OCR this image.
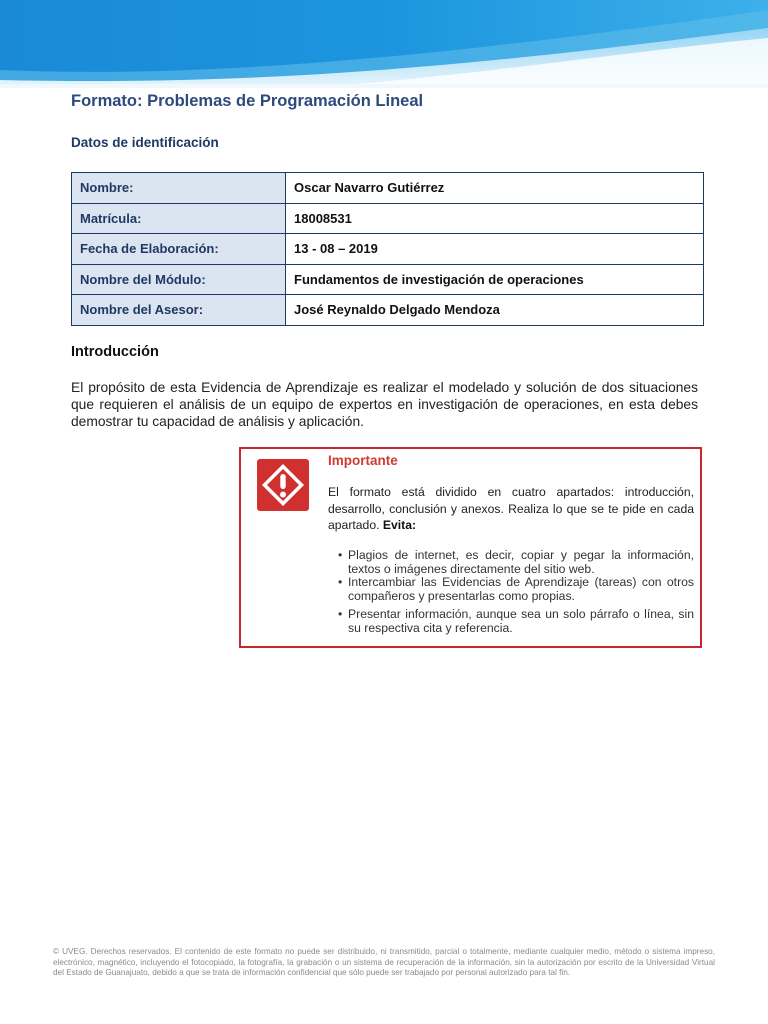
Formato: Problemas de Programación Lineal
Datos de identificación
Nombre:	Oscar Navarro Gutiérrez
Matrícula:	18008531
Fecha de Elaboración:	13 - 08 – 2019
Nombre del Módulo:	Fundamentos de investigación de operaciones
Nombre del Asesor:	José Reynaldo Delgado Mendoza
Introducción

El propósito de esta Evidencia de Aprendizaje es realizar el modelado y solución de dos situaciones que requieren el análisis de un equipo de expertos en investigación de operaciones, en esta debes demostrar tu capacidad de análisis y aplicación.

Importante

El formato está dividido en cuatro apartados: introducción, desarrollo, conclusión y anexos. Realiza lo que se te pide en cada apartado. Evita:

• Plagios de internet, es decir, copiar y pegar la información, textos o imágenes directamente del sitio web.
• Intercambiar las Evidencias de Aprendizaje (tareas) con otros compañeros y presentarlas como propias.
• Presentar información, aunque sea un solo párrafo o línea, sin su respectiva cita y referencia.

© UVEG. Derechos reservados. El contenido de este formato no puede ser distribuido, ni transmitido, parcial o totalmente, mediante cualquier medio, método o sistema impreso, electrónico, magnético, incluyendo el fotocopiado, la fotografía, la grabación o un sistema de recuperación de la información, sin la autorización por escrito de la Universidad Virtual del Estado de Guanajuato, debido a que se trata de información confidencial que sólo puede ser trabajado por personal autorizado para tal fin.
